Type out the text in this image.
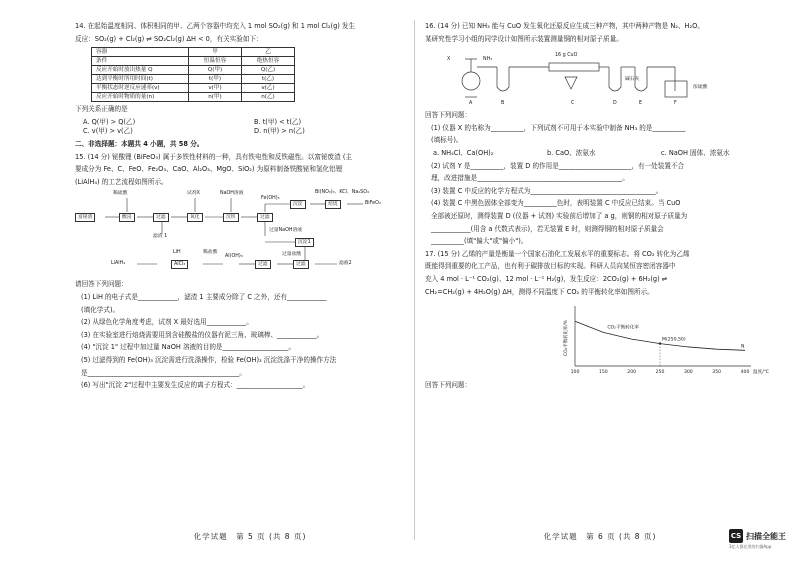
14. 在起始温度相同、体积相同的甲、乙两个容器中均充入 1 mol SO₂(g) 和 1 mol Cl₂(g) 发生

反应：SO₂(g) + Cl₂(g) ⇌ SO₂Cl₂(g) ΔH < 0，有关实验如下：

容器	甲	乙
条件	恒温恒容	绝热恒容
反应开始时放出热量 Q	Q(甲)	Q(乙)
达到平衡时所用时间(t)	t(甲)	t(乙)
平衡状态时逆反应速率(v)	v(甲)	v(乙)
反应开始时物质的量(n)	n(甲)	n(乙)

下列关系正确的是

A. Q(甲) > Q(乙)	B. t(甲) < t(乙)
C. v(甲) > v(乙)	D. n(甲) > n(乙)

二、非选择题：本题共 4 小题，共 58 分。

15. (14 分) 铋酸锂 (BiFeO₃) 属于多铁性材料的一种，具有铁电性和反铁磁性。以富铋废渣 (主

要成分为 Fe、C、FeO、Fe₂O₃、CaO、Al₂O₃、MgO、SiO₂) 为原料制备铁酸铋和氢化铝锂

(LiAlH₄) 的工艺流程如图所示。

稀硫酸
富铋渣	酸浸	过滤
滤渣 1
试剂X
氧化
NaOH溶液
沉铁	过滤
Fe(OH)₃
Bi(NO₃)₃、KCl、Na₂SO₄
沉淀	焙烧	BiFeO₃
过量NaOH溶液
沉淀1
过量盐酸
过滤	滤液2
过滤
Al(OH)₃
稀盐酸
AlCl₃
LiH
LiAlH₄

请回答下列问题：

(1) LiH 的电子式是____________，滤渣 1 主要成分除了 C 之外，还有____________

(填化学式)。

(2) 从绿色化学角度考虑，试剂 X 最好选用____________。

(3) 在实验室进行焙烧需要用到含硅酸盐的仪器有泥三角、玻璃棒、____________。

(4) "沉淀 1" 过程中加过量 NaOH 溶液的目的是____________________。

(5) 过滤得到的 Fe(OH)₃ 沉淀需进行洗涤操作，检验 Fe(OH)₃ 沉淀洗涤干净的操作方法

是______________________________________________。

(6) 写出"沉淀 2"过程中主要发生反应的离子方程式：____________________。

化学试题　第 5 页 (共 8 页)

16. (14 分) 已知 NH₃ 能与 CuO 发生氧化还原反应生成三种产物，其中两种产物是 N₂、H₂O。

某研究性学习小组的同学设计如图所示装置测量铜的相对原子质量。

X	NH₃
16 g CuO
碱石灰
浓硫酸
A	B	C	D	E	F

回答下列问题：

(1) 仪器 X 的名称为__________，下列试剂不可用于本实验中制备 NH₃ 的是__________

(填标号)。

a. NH₄Cl、Ca(OH)₂	b. CaO、浓氨水	c. NaOH 固体、浓氨水

(2) 试剂 Y 是__________，装置 D 的作用是______________________，有一处装置不合

理，改进措施是____________________________________________。

(3) 装置 C 中反应的化学方程式为______________________________________。

(4) 装置 C 中黑色固体全部变为__________色时，表明装置 C 中反应已结束。当 CuO

全部被还原时，测得装置 D (仪器 + 试剂) 实验前后增加了 a g，则铜的相对原子质量为

____________(用含 a 代数式表示)，若无装置 E 时，则测得铜的相对原子质量会

__________(填"偏大"或"偏小")。

17. (15 分) 乙烯的产量是衡量一个国家石油化工发展水平的重要标志。将 CO₂ 转化为乙烯

既能得到重要的化工产品，也有利于碳排放目标的实现。科研人员向某恒容密闭容器中

充入 4 mol · L⁻¹ CO₂(g)、12 mol · L⁻¹ H₂(g)，发生反应：2CO₂(g) + 6H₂(g) ⇌

CH₂=CH₂(g) + 4H₂O(g) ΔH，测得不同温度下 CO₂ 的平衡转化率如图所示。

100	150	200	250	300	350	400 温度/℃
CO₂平衡转化率/%	CO₂平衡转化率
M(250,50)
N

回答下列问题：

化学试题　第 6 页 (共 8 页)	CS 扫描全能王
3亿人都在用的扫描App
